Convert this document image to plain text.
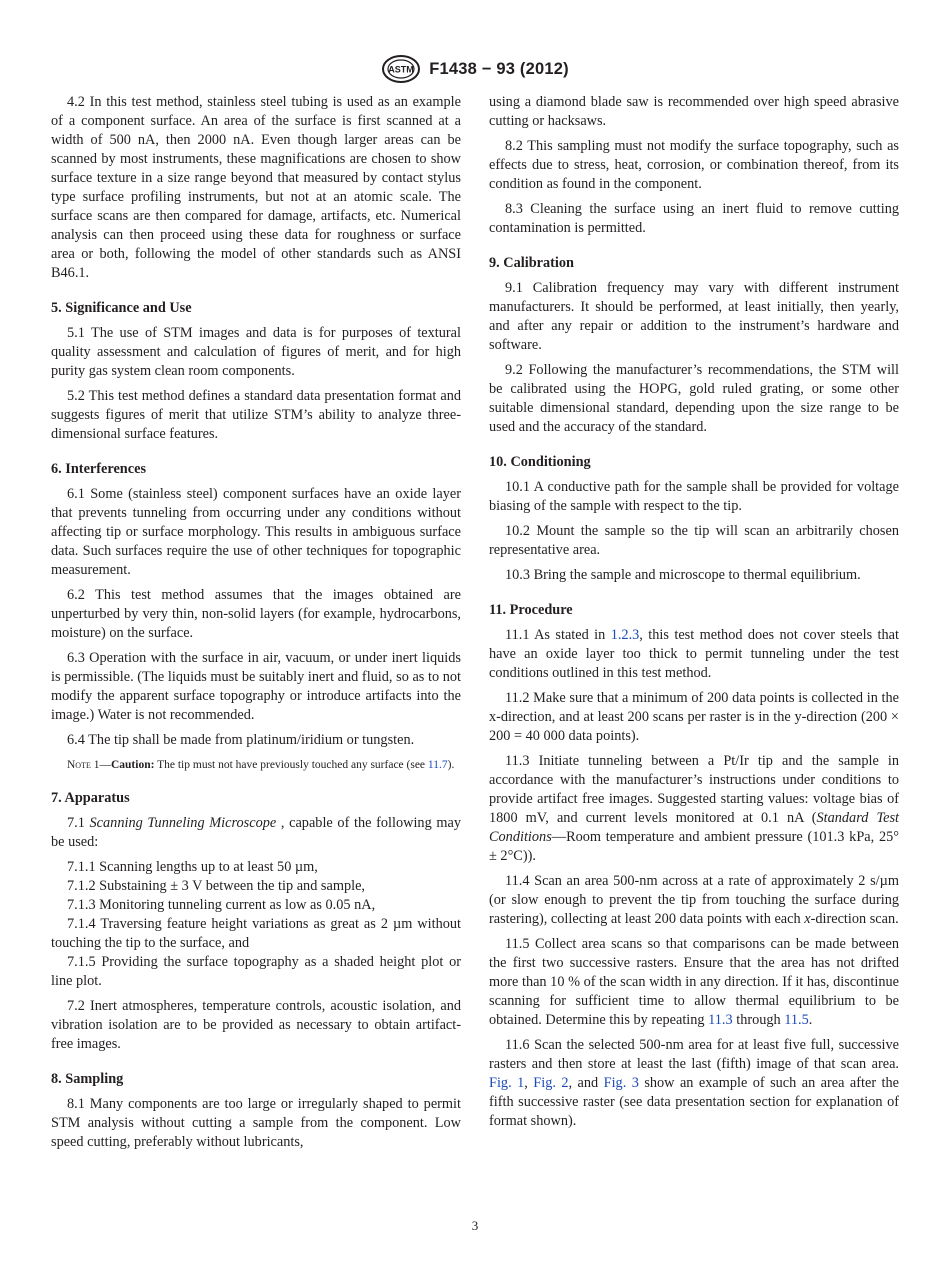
ASTM F1438 − 93 (2012)

4.2 In this test method, stainless steel tubing is used as an example of a component surface. An area of the surface is first scanned at a width of 500 nA, then 2000 nA. Even though larger areas can be scanned by most instruments, these magnifications are chosen to show surface texture in a size range beyond that measured by contact stylus type surface profiling instruments, but not at an atomic scale. The surface scans are then compared for damage, artifacts, etc. Numerical analysis can then proceed using these data for roughness or surface area or both, following the model of other standards such as ANSI B46.1.

5. Significance and Use

5.1 The use of STM images and data is for purposes of textural quality assessment and calculation of figures of merit, and for high purity gas system clean room components.

5.2 This test method defines a standard data presentation format and suggests figures of merit that utilize STM’s ability to analyze three-dimensional surface features.

6. Interferences

6.1 Some (stainless steel) component surfaces have an oxide layer that prevents tunneling from occurring under any conditions without affecting tip or surface morphology. This results in ambiguous surface data. Such surfaces require the use of other techniques for topographic measurement.

6.2 This test method assumes that the images obtained are unperturbed by very thin, non-solid layers (for example, hydrocarbons, moisture) on the surface.

6.3 Operation with the surface in air, vacuum, or under inert liquids is permissible. (The liquids must be suitably inert and fluid, so as to not modify the apparent surface topography or introduce artifacts into the image.) Water is not recommended.

6.4 The tip shall be made from platinum/iridium or tungsten.

Note 1—Caution: The tip must not have previously touched any surface (see 11.7).
7. Apparatus

7.1 Scanning Tunneling Microscope , capable of the following may be used:

7.1.1 Scanning lengths up to at least 50 µm,

7.1.2 Substaining ± 3 V between the tip and sample,

7.1.3 Monitoring tunneling current as low as 0.05 nA,

7.1.4 Traversing feature height variations as great as 2 µm without touching the tip to the surface, and

7.1.5 Providing the surface topography as a shaded height plot or line plot.

7.2 Inert atmospheres, temperature controls, acoustic isolation, and vibration isolation are to be provided as necessary to obtain artifact-free images.

8. Sampling

8.1 Many components are too large or irregularly shaped to permit STM analysis without cutting a sample from the component. Low speed cutting, preferably without lubricants,

using a diamond blade saw is recommended over high speed abrasive cutting or hacksaws.

8.2 This sampling must not modify the surface topography, such as effects due to stress, heat, corrosion, or combination thereof, from its condition as found in the component.

8.3 Cleaning the surface using an inert fluid to remove cutting contamination is permitted.

9. Calibration

9.1 Calibration frequency may vary with different instrument manufacturers. It should be performed, at least initially, then yearly, and after any repair or addition to the instrument’s hardware and software.

9.2 Following the manufacturer’s recommendations, the STM will be calibrated using the HOPG, gold ruled grating, or some other suitable dimensional standard, depending upon the size range to be used and the accuracy of the standard.

10. Conditioning

10.1 A conductive path for the sample shall be provided for voltage biasing of the sample with respect to the tip.

10.2 Mount the sample so the tip will scan an arbitrarily chosen representative area.

10.3 Bring the sample and microscope to thermal equilibrium.

11. Procedure

11.1 As stated in 1.2.3, this test method does not cover steels that have an oxide layer too thick to permit tunneling under the test conditions outlined in this test method.

11.2 Make sure that a minimum of 200 data points is collected in the x-direction, and at least 200 scans per raster is in the y-direction (200 × 200 = 40 000 data points).

11.3 Initiate tunneling between a Pt/Ir tip and the sample in accordance with the manufacturer’s instructions under conditions to provide artifact free images. Suggested starting values: voltage bias of 1800 mV, and current levels monitored at 0.1 nA (Standard Test Conditions—Room temperature and ambient pressure (101.3 kPa, 25° ± 2°C)).

11.4 Scan an area 500-nm across at a rate of approximately 2 s/µm (or slow enough to prevent the tip from touching the surface during rastering), collecting at least 200 data points with each x-direction scan.

11.5 Collect area scans so that comparisons can be made between the first two successive rasters. Ensure that the area has not drifted more than 10 % of the scan width in any direction. If it has, discontinue scanning for sufficient time to allow thermal equilibrium to be obtained. Determine this by repeating 11.3 through 11.5.

11.6 Scan the selected 500-nm area for at least five full, successive rasters and then store at least the last (fifth) image of that scan area. Fig. 1, Fig. 2, and Fig. 3 show an example of such an area after the fifth successive raster (see data presentation section for explanation of format shown).

3
